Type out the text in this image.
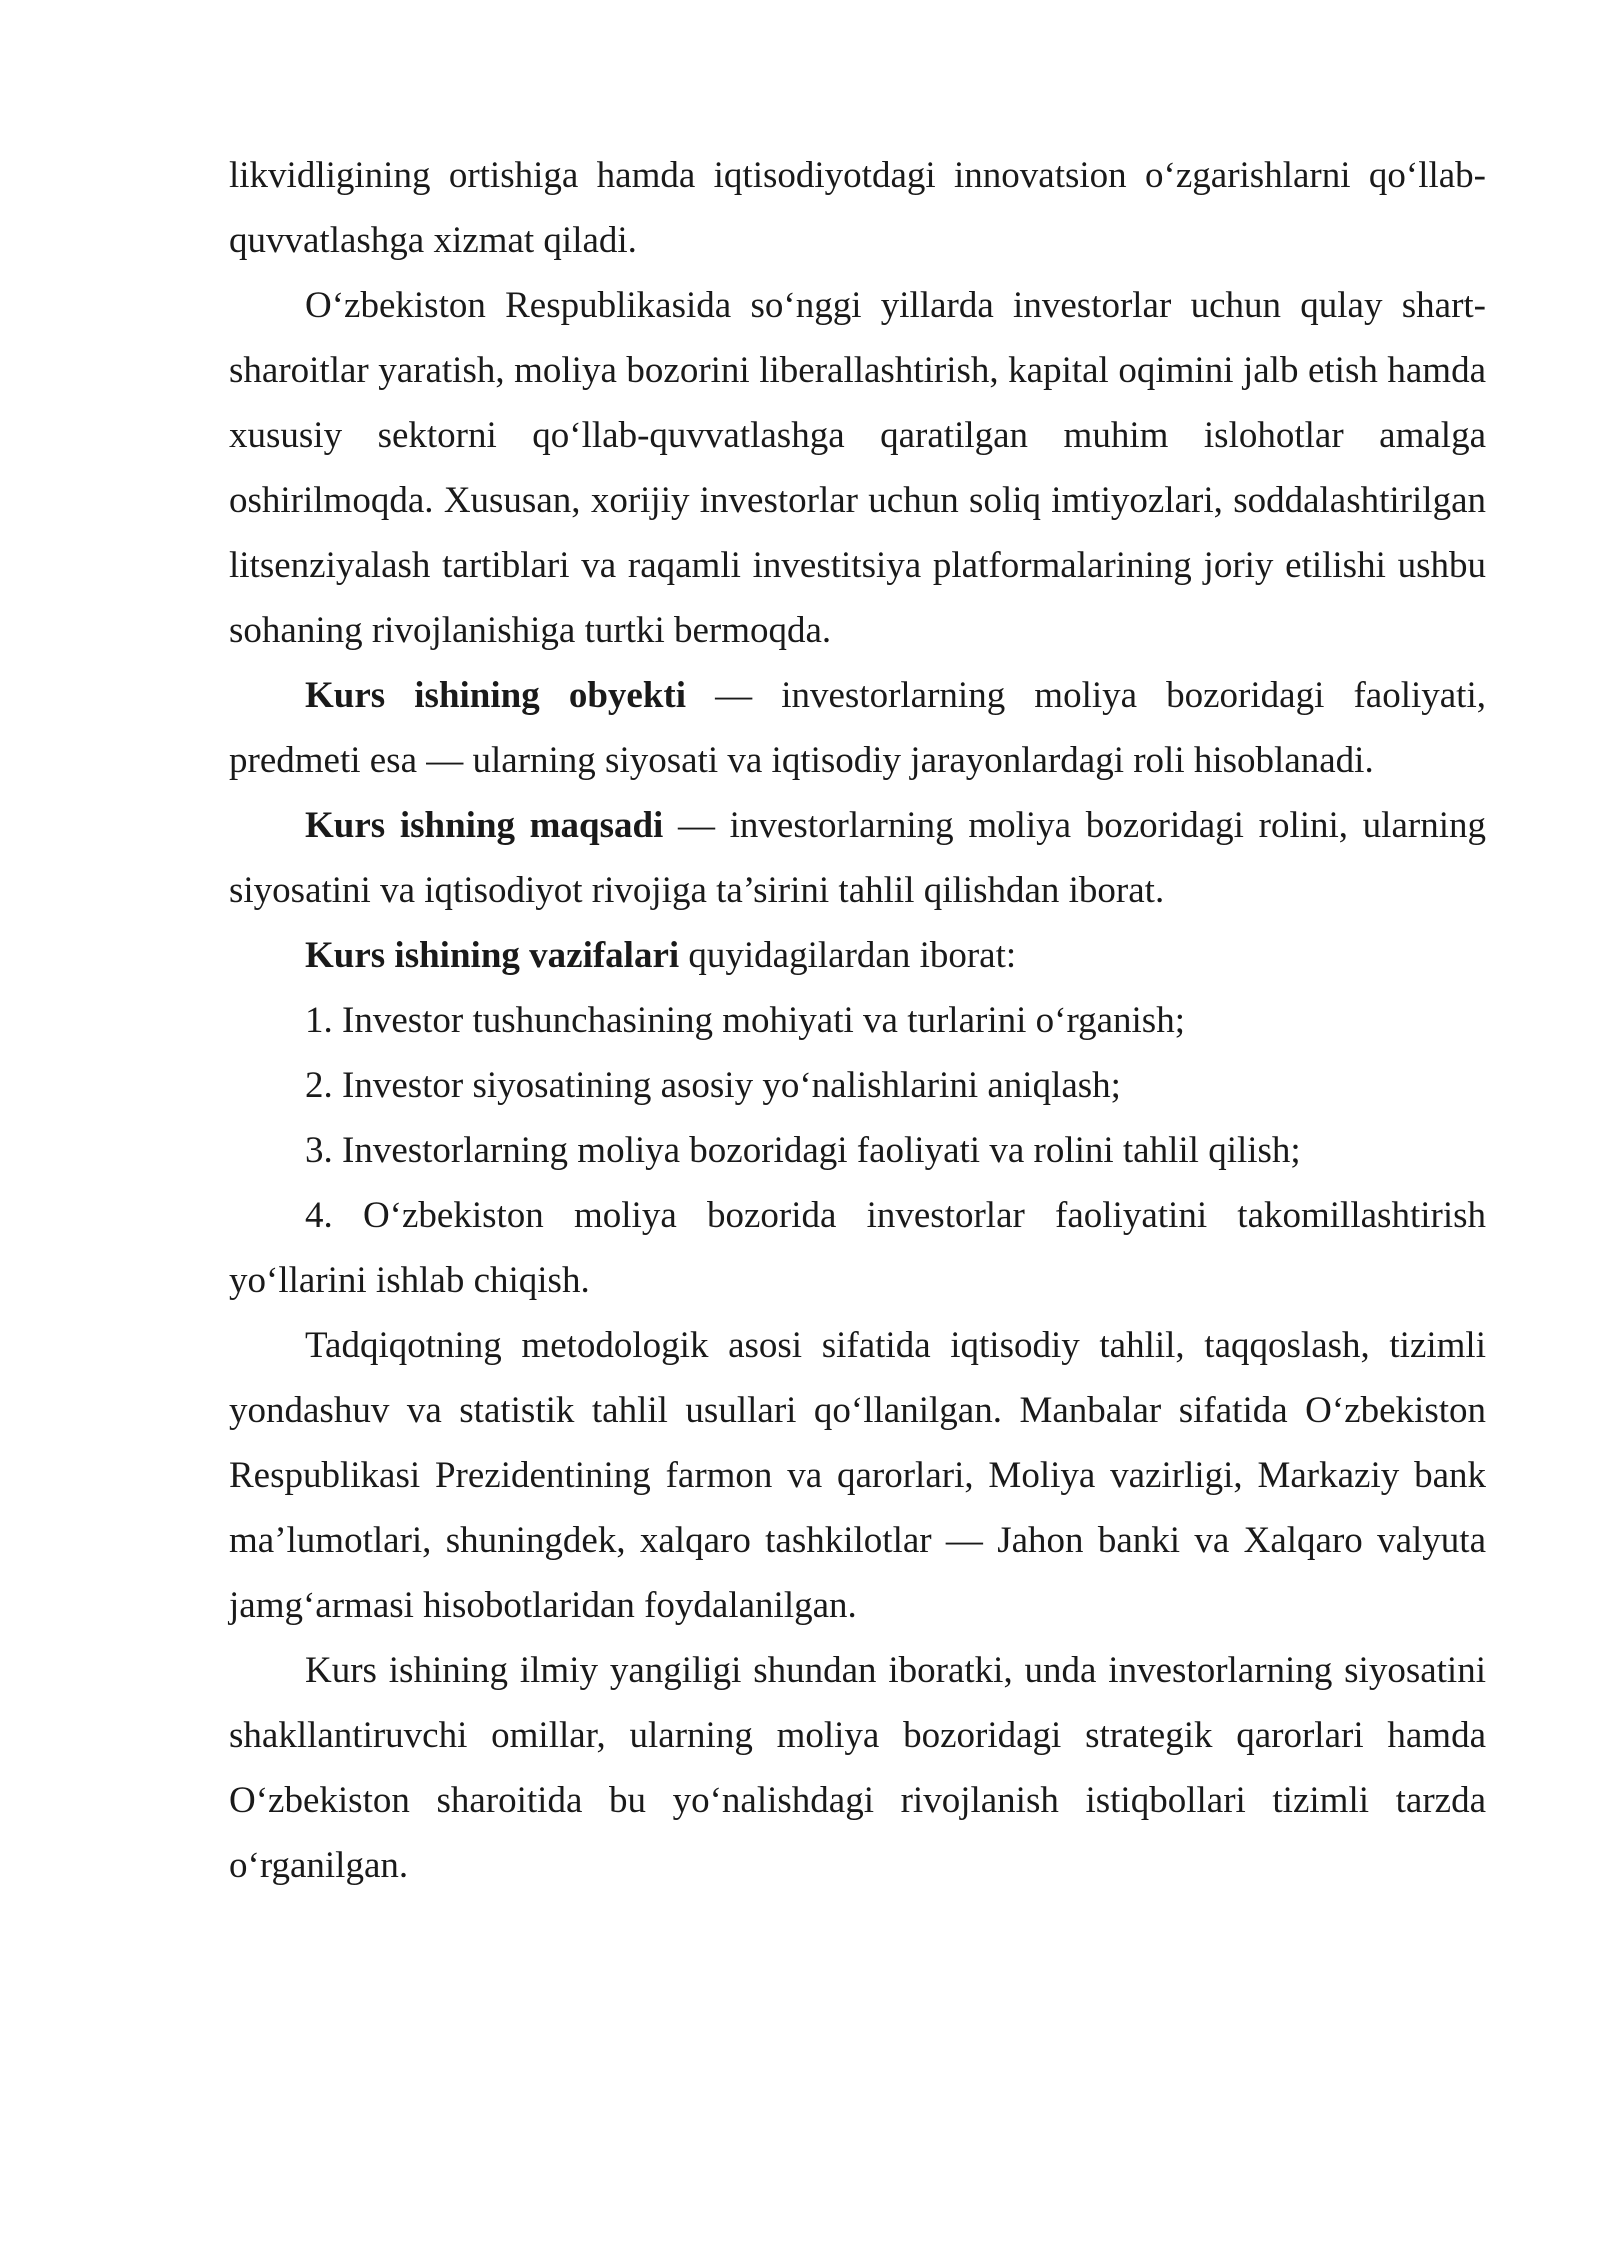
likvidligining ortishiga hamda iqtisodiyotdagi innovatsion o‘zgarishlarni qo‘llab-quvvatlashga xizmat qiladi.

O‘zbekiston Respublikasida so‘nggi yillarda investorlar uchun qulay shart-sharoitlar yaratish, moliya bozorini liberallashtirish, kapital oqimini jalb etish hamda xususiy sektorni qo‘llab-quvvatlashga qaratilgan muhim islohotlar amalga oshirilmoqda. Xususan, xorijiy investorlar uchun soliq imtiyozlari, soddalashtirilgan litsenziyalash tartiblari va raqamli investitsiya platformalarining joriy etilishi ushbu sohaning rivojlanishiga turtki bermoqda.

Kurs ishining obyekti — investorlarning moliya bozoridagi faoliyati, predmeti esa — ularning siyosati va iqtisodiy jarayonlardagi roli hisoblanadi.

Kurs ishning maqsadi — investorlarning moliya bozoridagi rolini, ularning siyosatini va iqtisodiyot rivojiga ta’sirini tahlil qilishdan iborat.

Kurs ishining vazifalari quyidagilardan iborat:

1. Investor tushunchasining mohiyati va turlarini o‘rganish;

2. Investor siyosatining asosiy yo‘nalishlarini aniqlash;

3. Investorlarning moliya bozoridagi faoliyati va rolini tahlil qilish;

4. O‘zbekiston moliya bozorida investorlar faoliyatini takomillashtirish yo‘llarini ishlab chiqish.

Tadqiqotning metodologik asosi sifatida iqtisodiy tahlil, taqqoslash, tizimli yondashuv va statistik tahlil usullari qo‘llanilgan. Manbalar sifatida O‘zbekiston Respublikasi Prezidentining farmon va qarorlari, Moliya vazirligi, Markaziy bank ma’lumotlari, shuningdek, xalqaro tashkilotlar — Jahon banki va Xalqaro valyuta jamg‘armasi hisobotlaridan foydalanilgan.

Kurs ishining ilmiy yangiligi shundan iboratki, unda investorlarning siyosatini shakllantiruvchi omillar, ularning moliya bozoridagi strategik qarorlari hamda O‘zbekiston sharoitida bu yo‘nalishdagi rivojlanish istiqbollari tizimli tarzda o‘rganilgan.
